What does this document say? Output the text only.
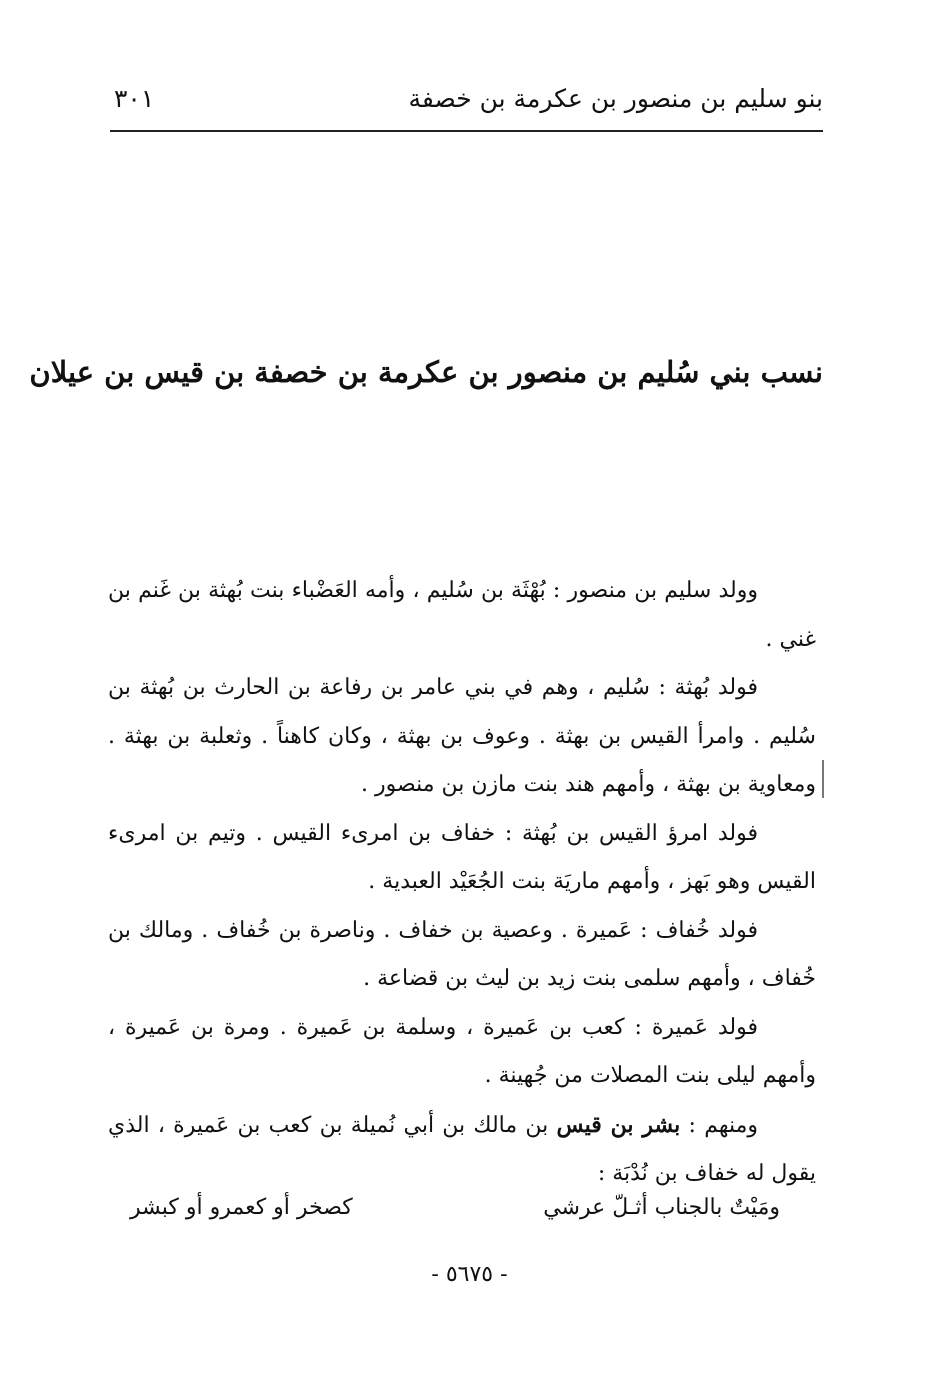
بنو سليم بن منصور بن عكرمة بن خصفة
٣٠١
نسب بني سُليم بن منصور بن عكرمة بن خصفة بن قيس بن عيلان

وولد سليم بن منصور : بُهْثَة بن سُليم ، وأمه العَضْباء بنت بُهثة بن غَنم بن غني .

فولد بُهثة : سُليم ، وهم في بني عامر بن رفاعة بن الحارث بن بُهثة بن سُليم . وامرأ القيس بن بهثة . وعوف بن بهثة ، وكان كاهناً . وثعلبة بن بهثة . ومعاوية بن بهثة ، وأمهم هند بنت مازن بن منصور .

فولد امرؤ القيس بن بُهثة : خفاف بن امرىء القيس . وتيم بن امرىء القيس وهو بَهز ، وأمهم ماريَة بنت الجُعَيْد العبدية .

فولد خُفاف : عَميرة . وعصية بن خفاف . وناصرة بن خُفاف . ومالك بن خُفاف ، وأمهم سلمى بنت زيد بن ليث بن قضاعة .

فولد عَميرة : كعب بن عَميرة ، وسلمة بن عَميرة . ومرة بن عَميرة ، وأمهم ليلى بنت المصلات من جُهينة .

ومنهم : بشر بن قيس بن مالك بن أبي نُميلة بن كعب بن عَميرة ، الذي يقول له خفاف بن نُدْبَة :

ومَيْتٌ بالجناب أثـلّ عرشي
كصخر أو كعمرو أو كبشر
- ٥٦٧٥ -
